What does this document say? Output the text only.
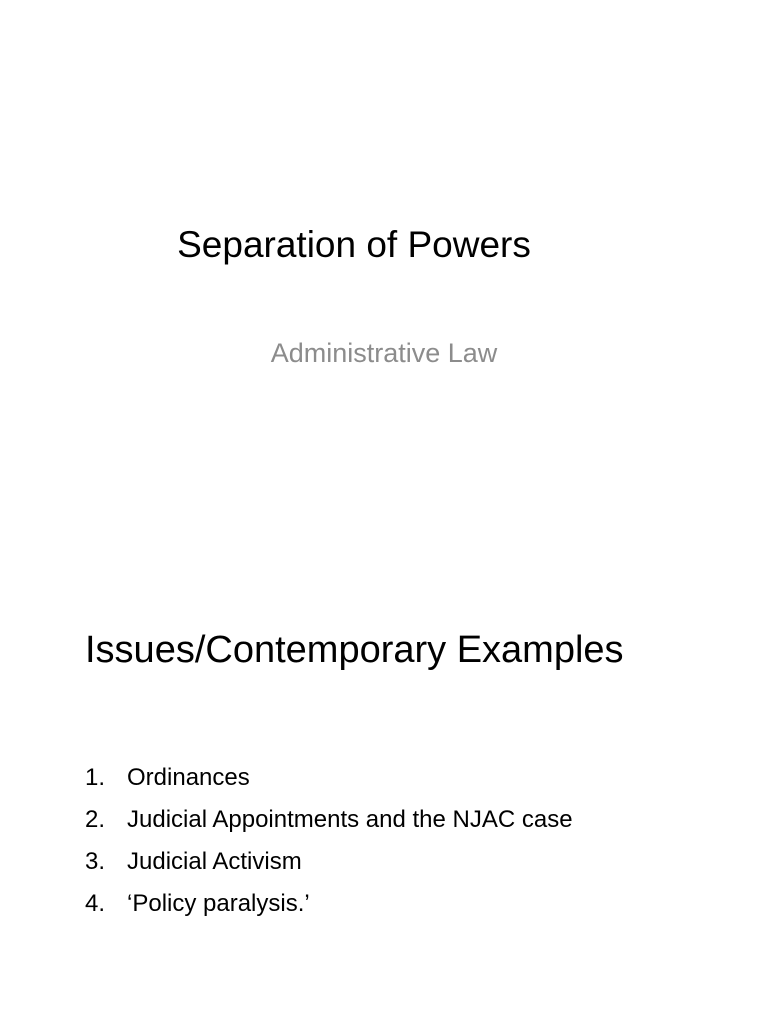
Separation of Powers
Administrative Law
Issues/Contemporary Examples
1. Ordinances
2. Judicial Appointments and the NJAC case
3. Judicial Activism
4. ‘Policy paralysis.’
